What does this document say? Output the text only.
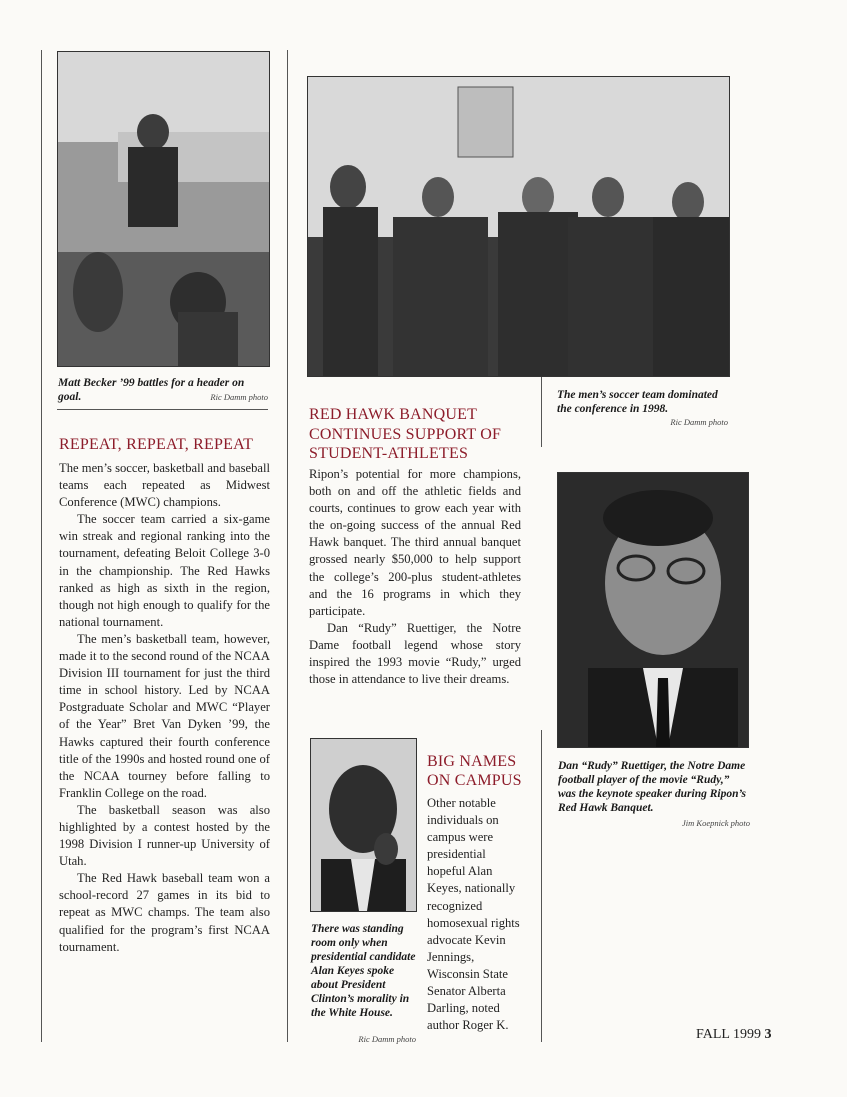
Matt Becker ’99 battles for a header on goal.	Ric Damm photo
REPEAT, REPEAT, REPEAT

The men’s soccer, basketball and baseball teams each repeated as Midwest Conference (MWC) champions.

The soccer team carried a six-game win streak and regional ranking into the tournament, defeating Beloit College 3-0 in the championship. The Red Hawks ranked as high as sixth in the region, though not high enough to qualify for the national tournament.

The men’s basketball team, however, made it to the second round of the NCAA Division III tournament for just the third time in school history. Led by NCAA Postgraduate Scholar and MWC “Player of the Year” Bret Van Dyken ’99, the Hawks captured their fourth conference title of the 1990s and hosted round one of the NCAA tourney before falling to Franklin College on the road.

The basketball season was also highlighted by a contest hosted by the 1998 Division I runner-up University of Utah.

The Red Hawk baseball team won a school-record 27 games in its bid to repeat as MWC champs. The team also qualified for the program’s first NCAA tournament.

The men’s soccer team dominated the conference in 1998.
Ric Damm photo
RED HAWK BANQUET CONTINUES SUPPORT OF STUDENT-ATHLETES

Ripon’s potential for more champions, both on and off the athletic fields and courts, continues to grow each year with the on-going success of the annual Red Hawk banquet. The third annual banquet grossed nearly $50,000 to help support the college’s 200-plus student-athletes and the 16 programs in which they participate.

Dan “Rudy” Ruettiger, the Notre Dame football legend whose story inspired the 1993 movie “Rudy,” urged those in attendance to live their dreams.

Dan “Rudy” Ruettiger, the Notre Dame football player of the movie “Rudy,” was the keynote speaker during Ripon’s Red Hawk Banquet.
Jim Koepnick photo
There was standing room only when presidential candidate Alan Keyes spoke about President Clinton’s morality in the White House.
Ric Damm photo
BIG NAMES ON CAMPUS

Other notable individuals on campus were presidential hopeful Alan Keyes, nationally recognized homosexual rights advocate Kevin Jennings, Wisconsin State Senator Alberta Darling, noted author Roger K.

FALL 1999 3
